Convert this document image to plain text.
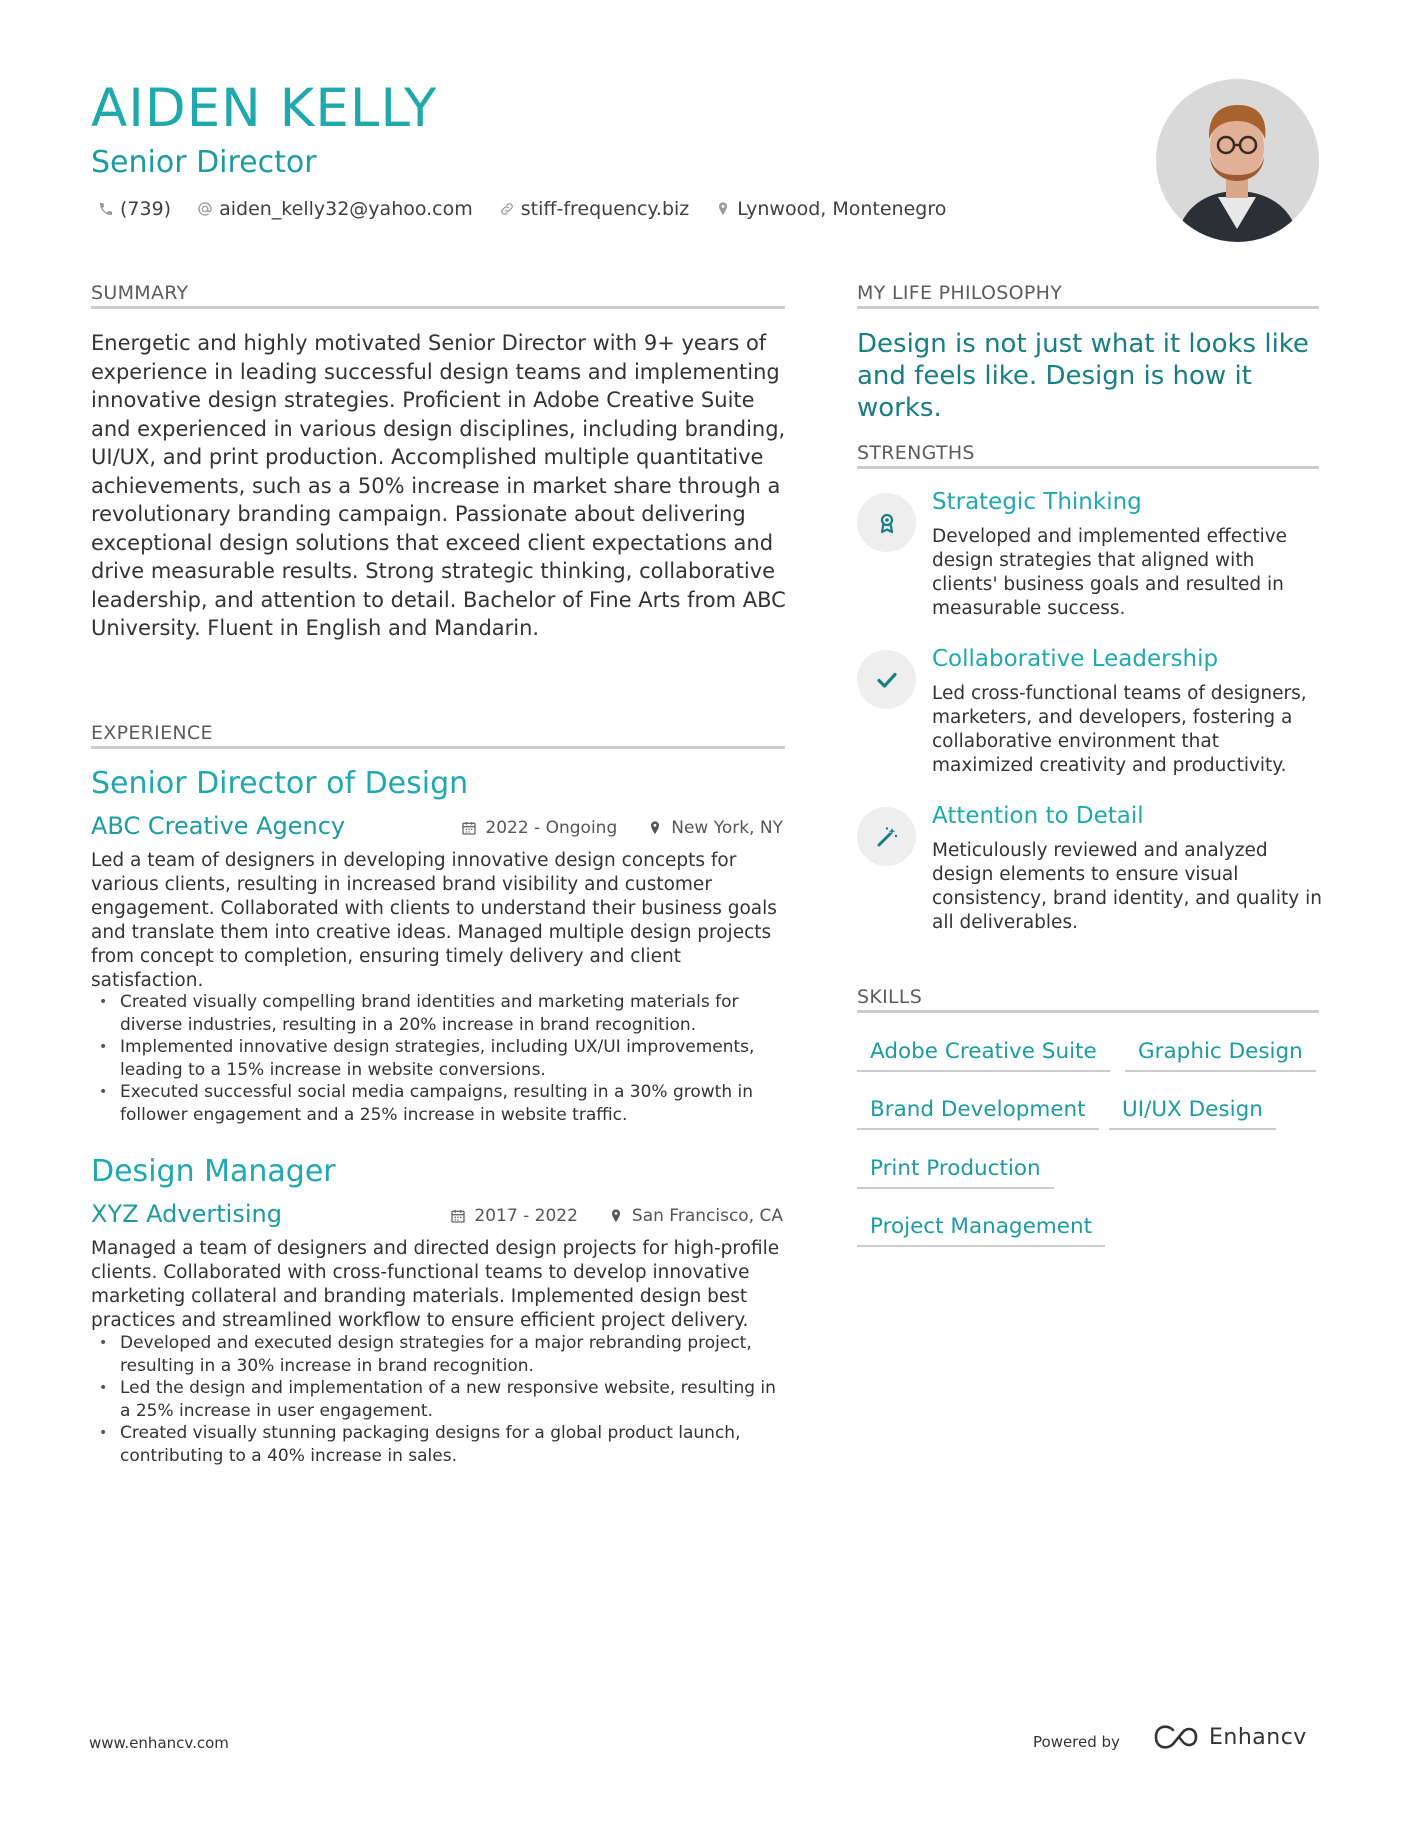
AIDEN KELLY
Senior Director
(739)	aiden_kelly32@yahoo.com	stiff-frequency.biz	Lynwood, Montenegro
SUMMARY
Energetic and highly motivated Senior Director with 9+ years of experience in leading successful design teams and implementing innovative design strategies. Proficient in Adobe Creative Suite and experienced in various design disciplines, including branding, UI/UX, and print production. Accomplished multiple quantitative achievements, such as a 50% increase in market share through a revolutionary branding campaign. Passionate about delivering exceptional design solutions that exceed client expectations and drive measurable results. Strong strategic thinking, collaborative leadership, and attention to detail. Bachelor of Fine Arts from ABC University. Fluent in English and Mandarin.
EXPERIENCE
Senior Director of Design
ABC Creative Agency	2022 - Ongoing	New York, NY
Led a team of designers in developing innovative design concepts for various clients, resulting in increased brand visibility and customer engagement. Collaborated with clients to understand their business goals and translate them into creative ideas. Managed multiple design projects from concept to completion, ensuring timely delivery and client satisfaction.
• Created visually compelling brand identities and marketing materials for diverse industries, resulting in a 20% increase in brand recognition.
• Implemented innovative design strategies, including UX/UI improvements, leading to a 15% increase in website conversions.
• Executed successful social media campaigns, resulting in a 30% growth in follower engagement and a 25% increase in website traffic.
Design Manager
XYZ Advertising	2017 - 2022	San Francisco, CA
Managed a team of designers and directed design projects for high-profile clients. Collaborated with cross-functional teams to develop innovative marketing collateral and branding materials. Implemented design best practices and streamlined workflow to ensure efficient project delivery.
• Developed and executed design strategies for a major rebranding project, resulting in a 30% increase in brand recognition.
• Led the design and implementation of a new responsive website, resulting in a 25% increase in user engagement.
• Created visually stunning packaging designs for a global product launch, contributing to a 40% increase in sales.
MY LIFE PHILOSOPHY
Design is not just what it looks like and feels like. Design is how it works.
STRENGTHS
Strategic Thinking
Developed and implemented effective design strategies that aligned with clients' business goals and resulted in measurable success.
Collaborative Leadership
Led cross-functional teams of designers, marketers, and developers, fostering a collaborative environment that maximized creativity and productivity.
Attention to Detail
Meticulously reviewed and analyzed design elements to ensure visual consistency, brand identity, and quality in all deliverables.
SKILLS
Adobe Creative Suite	Graphic Design
Brand Development	UI/UX Design
Print Production
Project Management
www.enhancv.com	Powered by	Enhancv
